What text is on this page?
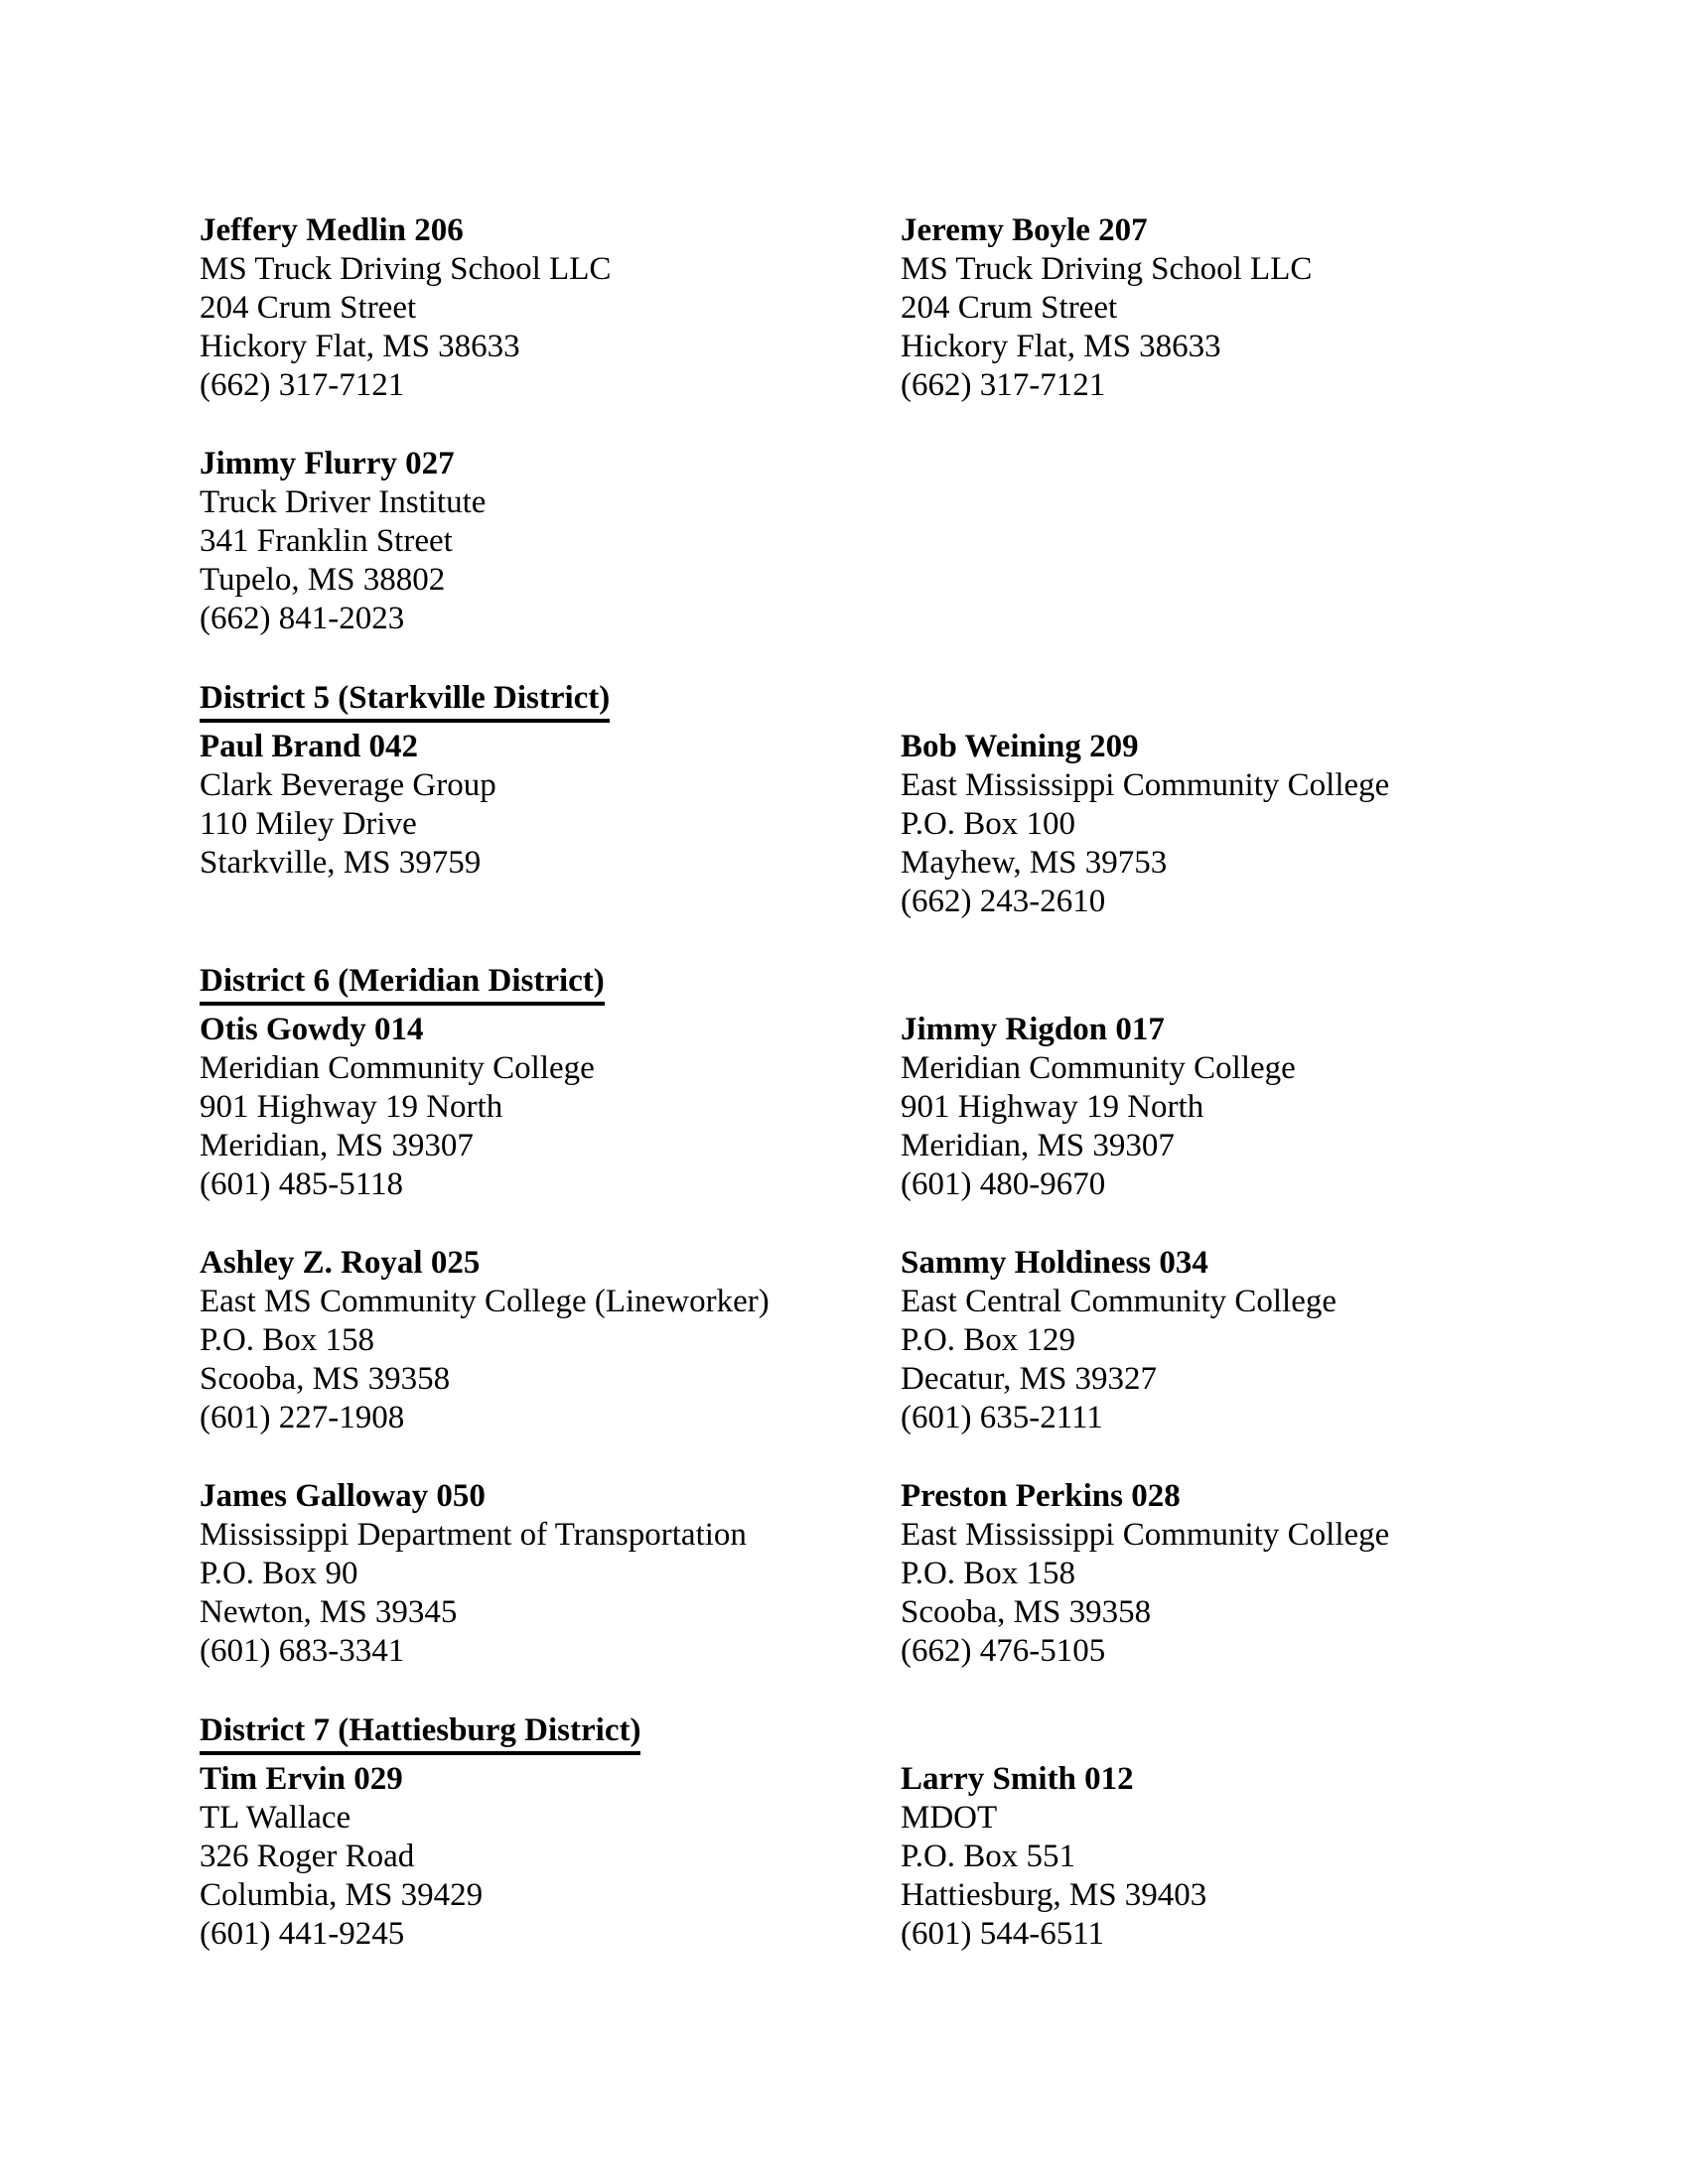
Jeffery Medlin 206
MS Truck Driving School LLC
204 Crum Street
Hickory Flat, MS 38633
(662) 317-7121
Jeremy Boyle 207
MS Truck Driving School LLC
204 Crum Street
Hickory Flat, MS 38633
(662) 317-7121
Jimmy Flurry 027
Truck Driver Institute
341 Franklin Street
Tupelo, MS 38802
(662) 841-2023
District 5 (Starkville District)
Paul Brand 042
Clark Beverage Group
110 Miley Drive
Starkville, MS 39759
Bob Weining 209
East Mississippi Community College
P.O. Box 100
Mayhew, MS 39753
(662) 243-2610
District 6 (Meridian District)
Otis Gowdy 014
Meridian Community College
901 Highway 19 North
Meridian, MS 39307
(601) 485-5118
Jimmy Rigdon 017
Meridian Community College
901 Highway 19 North
Meridian, MS 39307
(601) 480-9670
Ashley Z. Royal 025
East MS Community College (Lineworker)
P.O. Box 158
Scooba, MS 39358
(601) 227-1908
Sammy Holdiness 034
East Central Community College
P.O. Box 129
Decatur, MS 39327
(601) 635-2111
James Galloway 050
Mississippi Department of Transportation
P.O. Box 90
Newton, MS 39345
(601) 683-3341
Preston Perkins 028
East Mississippi Community College
P.O. Box 158
Scooba, MS 39358
(662) 476-5105
District 7 (Hattiesburg District)
Tim Ervin 029
TL Wallace
326 Roger Road
Columbia, MS 39429
(601) 441-9245
Larry Smith 012
MDOT
P.O. Box 551
Hattiesburg, MS 39403
(601) 544-6511
